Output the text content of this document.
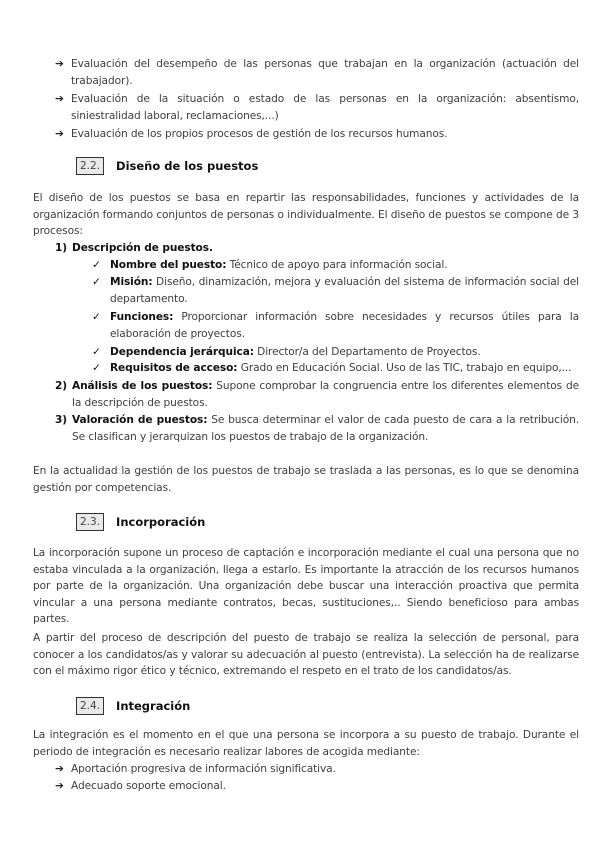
➔ Evaluación del desempeño de las personas que trabajan en la organización (actuación del trabajador).
➔ Evaluación de la situación o estado de las personas en la organización: absentismo, siniestralidad laboral, reclamaciones,...)
➔ Evaluación de los propios procesos de gestión de los recursos humanos.
2.2.	Diseño de los puestos
El diseño de los puestos se basa en repartir las responsabilidades, funciones y actividades de la organización formando conjuntos de personas o individualmente. El diseño de puestos se compone de 3 procesos:
1) Descripción de puestos.
✓ Nombre del puesto: Técnico de apoyo para información social.
✓ Misión: Diseño, dinamización, mejora y evaluación del sistema de información social del departamento.
✓ Funciones: Proporcionar información sobre necesidades y recursos útiles para la elaboración de proyectos.
✓ Dependencia jerárquica: Director/a del Departamento de Proyectos.
✓ Requisitos de acceso: Grado en Educación Social. Uso de las TIC, trabajo en equipo,...
2) Análisis de los puestos: Supone comprobar la congruencia entre los diferentes elementos de la descripción de puestos.
3) Valoración de puestos: Se busca determinar el valor de cada puesto de cara a la retribución. Se clasifican y jerarquizan los puestos de trabajo de la organización.
En la actualidad la gestión de los puestos de trabajo se traslada a las personas, es lo que se denomina gestión por competencias.
2.3.	Incorporación
La incorporación supone un proceso de captación e incorporación mediante el cual una persona que no estaba vinculada a la organización, llega a estarlo. Es importante la atracción de los recursos humanos por parte de la organización. Una organización debe buscar una interacción proactiva que permita vincular a una persona mediante contratos, becas, sustituciones,.. Siendo beneficioso para ambas partes.
A partir del proceso de descripción del puesto de trabajo se realiza la selección de personal, para conocer a los candidatos/as y valorar su adecuación al puesto (entrevista). La selección ha de realizarse con el máximo rigor ético y técnico, extremando el respeto en el trato de los candidatos/as.
2.4.	Integración
La integración es el momento en el que una persona se incorpora a su puesto de trabajo. Durante el periodo de integración es necesario realizar labores de acogida mediante:
➔ Aportación progresiva de información significativa.
➔ Adecuado soporte emocional.
